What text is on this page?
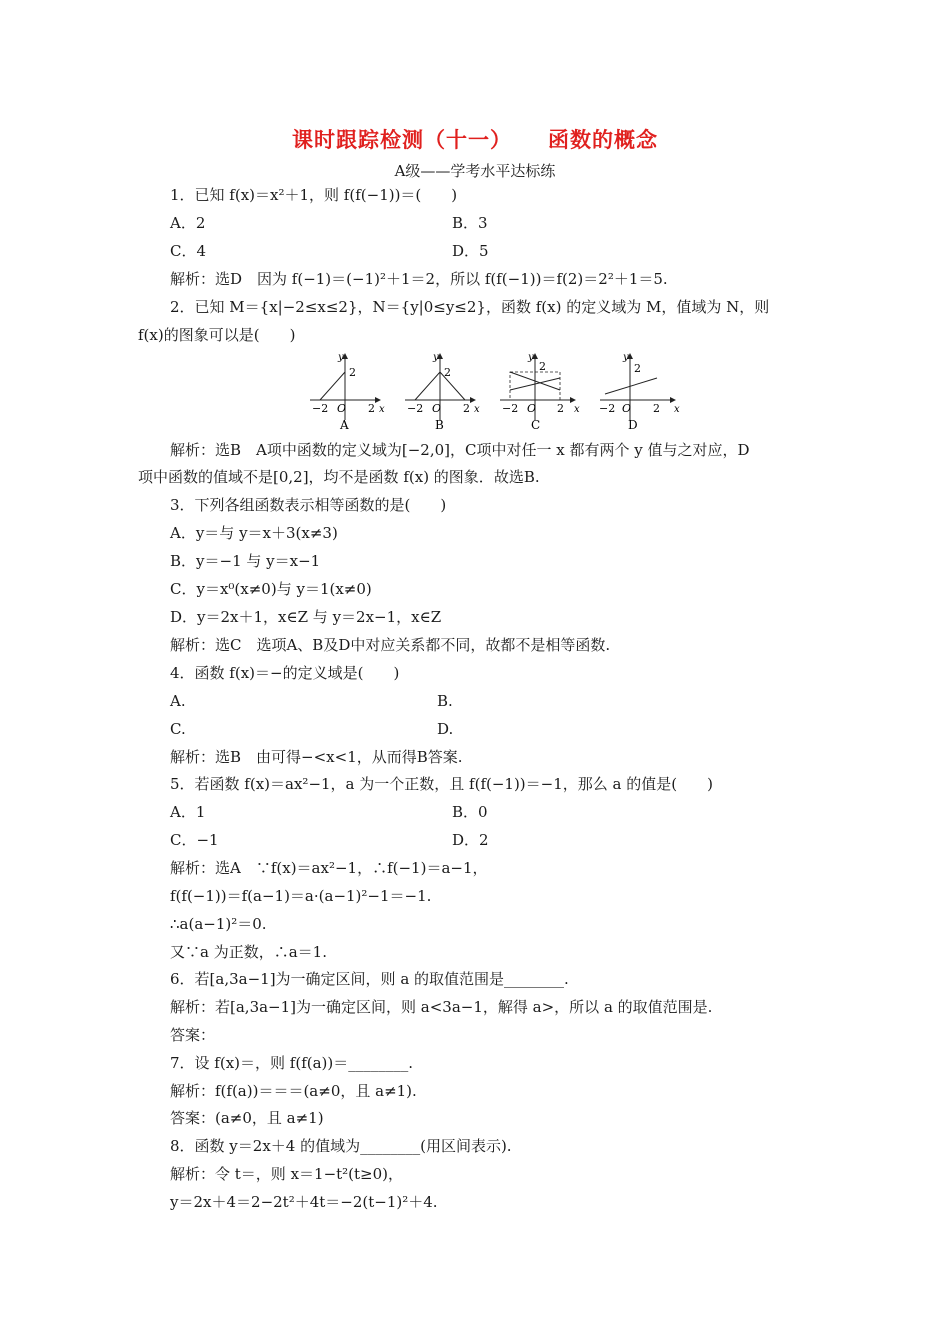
课时跟踪检测（十一） 函数的概念
A级——学考水平达标练
1．已知 f(x)＝x²＋1，则 f(f(−1))＝(　　)
A．2	B．3
C．4	D．5
解析：选D　因为 f(−1)＝(−1)²＋1＝2，所以 f(f(−1))＝f(2)＝2²＋1＝5.
2．已知 M＝{x|−2≤x≤2}，N＝{y|0≤y≤2}，函数 f(x) 的定义域为 M，值域为 N，则
f(x)的图象可以是(　　)
y
2
x
−2 O 2
A
y
2
x
−2 O 2
B
y
2
x
−2 O 2
C
y
2
x
−2 O 2
D
解析：选B　A项中函数的定义域为[−2,0]，C项中对任一 x 都有两个 y 值与之对应，D
项中函数的值域不是[0,2]，均不是函数 f(x) 的图象．故选B.
3．下列各组函数表示相等函数的是(　　)
A．y＝与 y＝x＋3(x≠3)
B．y＝−1 与 y＝x−1
C．y＝x⁰(x≠0)与 y＝1(x≠0)
D．y＝2x＋1，x∈Z 与 y＝2x−1，x∈Z
解析：选C　选项A、B及D中对应关系都不同，故都不是相等函数.
4．函数 f(x)＝−的定义域是(　　)
A.	B.
C.	D.
解析：选B　由可得−<x<1，从而得B答案.
5．若函数 f(x)＝ax²−1，a 为一个正数，且 f(f(−1))＝−1，那么 a 的值是(　　)
A．1	B．0
C．−1	D．2
解析：选A　∵f(x)＝ax²−1，∴f(−1)＝a−1，
f(f(−1))＝f(a−1)＝a·(a−1)²−1＝−1.
∴a(a−1)²＝0.
又∵a 为正数，∴a＝1.
6．若[a,3a−1]为一确定区间，则 a 的取值范围是________.
解析：若[a,3a−1]为一确定区间，则 a<3a−1，解得 a>，所以 a 的取值范围是.
答案：
7．设 f(x)＝，则 f(f(a))＝________.
解析：f(f(a))＝＝＝(a≠0，且 a≠1).
答案：(a≠0，且 a≠1)
8．函数 y＝2x＋4 的值域为________(用区间表示).
解析：令 t＝，则 x＝1−t²(t≥0)，
y＝2x＋4＝2−2t²＋4t＝−2(t−1)²＋4.
